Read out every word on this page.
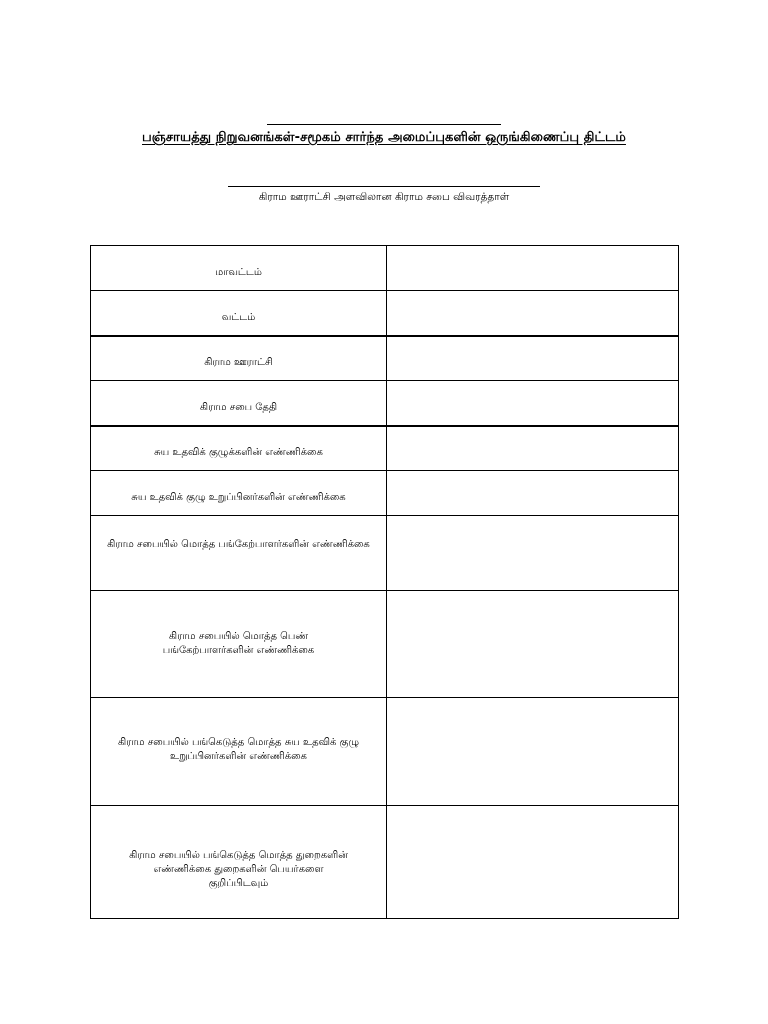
பஞ்சாயத்து நிறுவனங்கள்-சமூகம் சார்ந்த அமைப்புகளின் ஒருங்கிணைப்பு திட்டம்
கிராம ஊராட்சி அளவிலான கிராம சபை விவரத்தாள்
மாவட்டம்	
வட்டம்	
கிராம ஊராட்சி	
கிராம சபை தேதி	
சுய உதவிக் குழுக்களின் எண்ணிக்கை	
சுய உதவிக் குழு உறுப்பினர்களின் எண்ணிக்கை	
கிராம சபையில் மொத்த பங்கேற்பாளர்களின் எண்ணிக்கை	

கிராம சபையில் மொத்த பெண் பங்கேற்பாளர்களின் எண்ணிக்கை	

கிராம சபையில் பங்கெடுத்த மொத்த சுய உதவிக் குழு உறுப்பினர்களின் எண்ணிக்கை	

கிராம சபையில் பங்கெடுத்த மொத்த துறைகளின் எண்ணிக்கை துறைகளின் பெயர்களை குறிப்பிடவும்	
